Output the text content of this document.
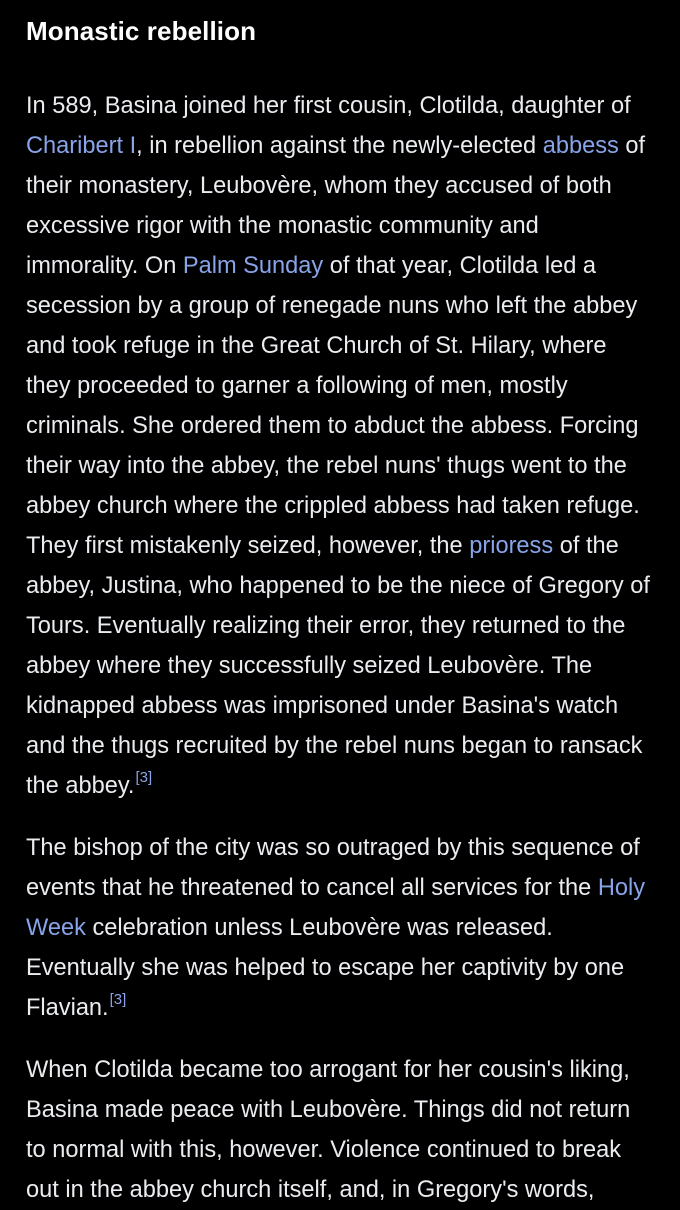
Monastic rebellion

In 589, Basina joined her first cousin, Clotilda, daughter of Charibert I, in rebellion against the newly-elected abbess of their monastery, Leubovère, whom they accused of both excessive rigor with the monastic community and immorality. On Palm Sunday of that year, Clotilda led a secession by a group of renegade nuns who left the abbey and took refuge in the Great Church of St. Hilary, where they proceeded to garner a following of men, mostly criminals. She ordered them to abduct the abbess. Forcing their way into the abbey, the rebel nuns' thugs went to the abbey church where the crippled abbess had taken refuge. They first mistakenly seized, however, the prioress of the abbey, Justina, who happened to be the niece of Gregory of Tours. Eventually realizing their error, they returned to the abbey where they successfully seized Leubovère. The kidnapped abbess was imprisoned under Basina's watch and the thugs recruited by the rebel nuns began to ransack the abbey.[3]

The bishop of the city was so outraged by this sequence of events that he threatened to cancel all services for the Holy Week celebration unless Leubovère was released. Eventually she was helped to escape her captivity by one Flavian.[3]

When Clotilda became too arrogant for her cousin's liking, Basina made peace with Leubovère. Things did not return to normal with this, however. Violence continued to break out in the abbey church itself, and, in Gregory's words,
